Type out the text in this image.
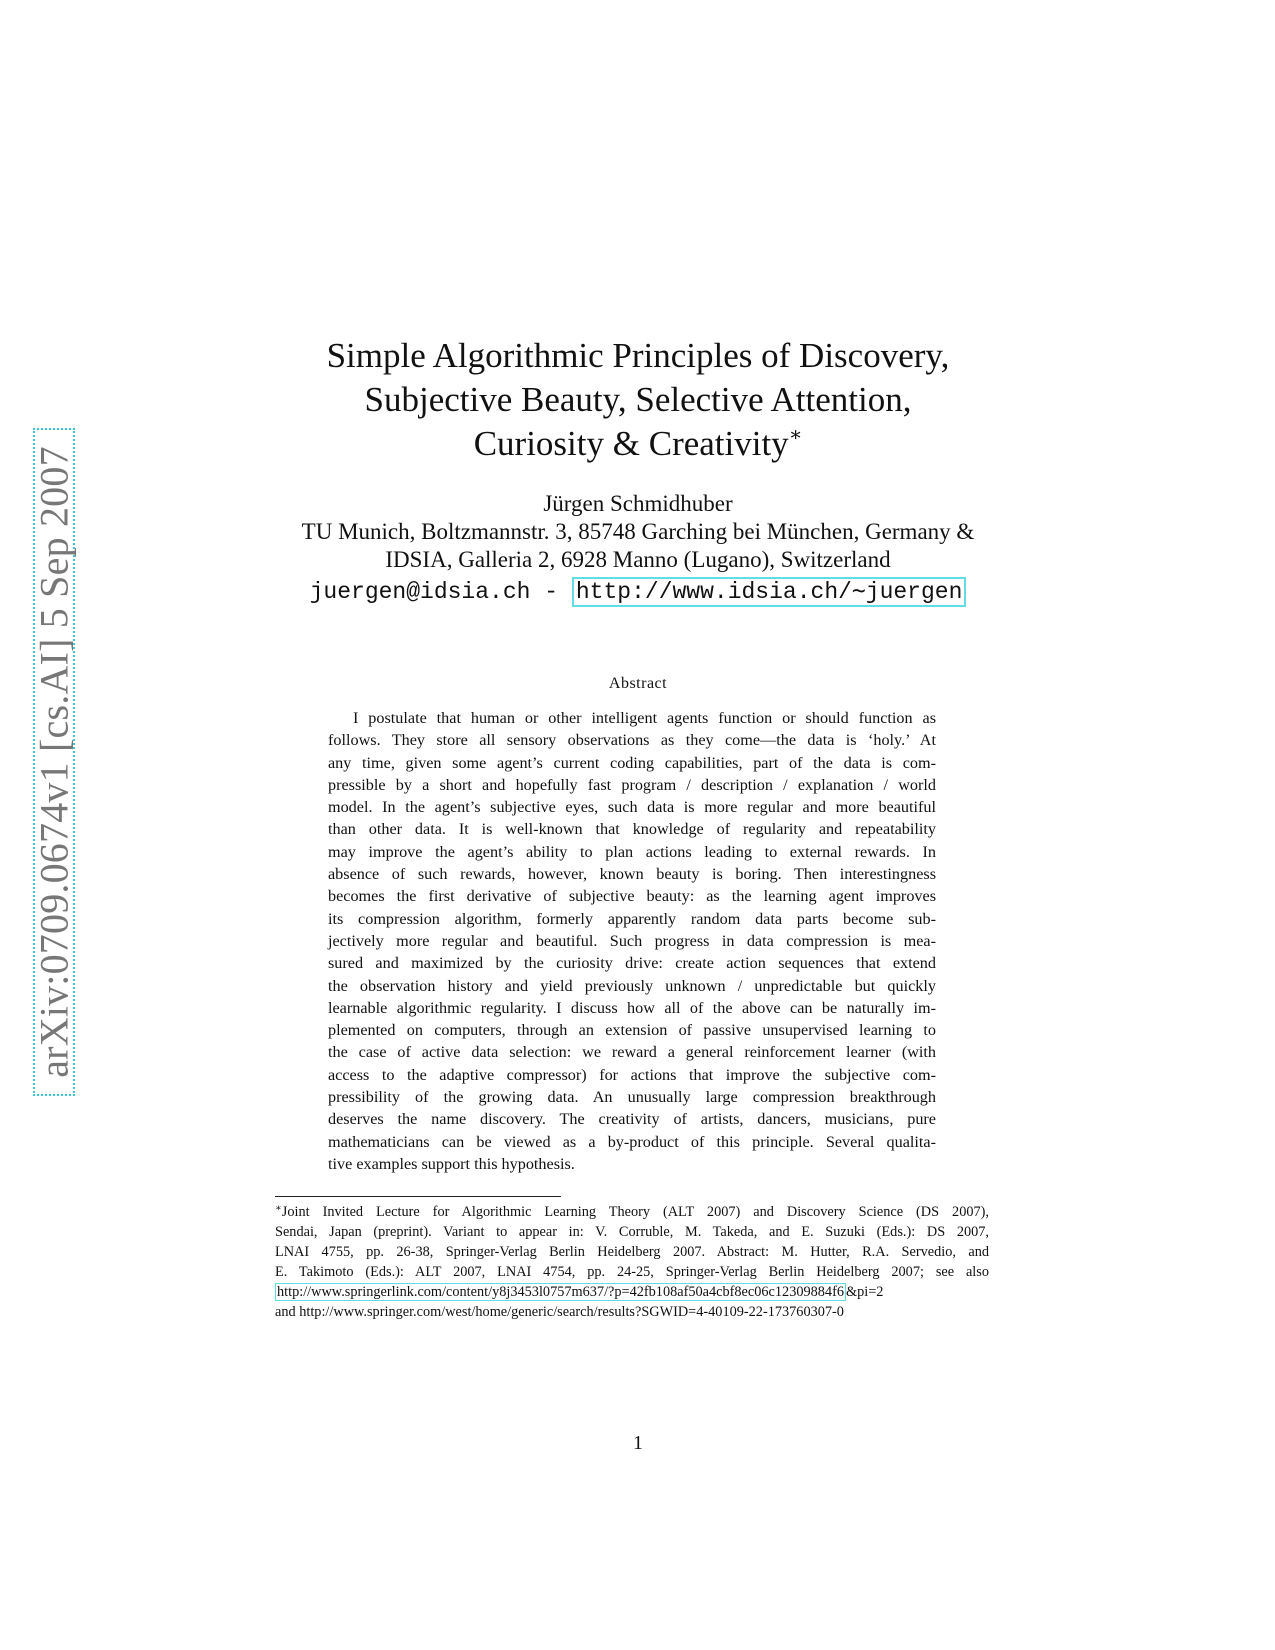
arXiv:0709.0674v1 [cs.AI] 5 Sep 2007
Simple Algorithmic Principles of Discovery,
Subjective Beauty, Selective Attention,
Curiosity & Creativity∗
Jürgen Schmidhuber
TU Munich, Boltzmannstr. 3, 85748 Garching bei München, Germany &
IDSIA, Galleria 2, 6928 Manno (Lugano), Switzerland
juergen@idsia.ch - http://www.idsia.ch/∼juergen
Abstract
I postulate that human or other intelligent agents function or should function as
follows. They store all sensory observations as they come—the data is ‘holy.’ At
any time, given some agent’s current coding capabilities, part of the data is com-
pressible by a short and hopefully fast program / description / explanation / world
model. In the agent’s subjective eyes, such data is more regular and more beautiful
than other data. It is well-known that knowledge of regularity and repeatability
may improve the agent’s ability to plan actions leading to external rewards. In
absence of such rewards, however, known beauty is boring. Then interestingness
becomes the first derivative of subjective beauty: as the learning agent improves
its compression algorithm, formerly apparently random data parts become sub-
jectively more regular and beautiful. Such progress in data compression is mea-
sured and maximized by the curiosity drive: create action sequences that extend
the observation history and yield previously unknown / unpredictable but quickly
learnable algorithmic regularity. I discuss how all of the above can be naturally im-
plemented on computers, through an extension of passive unsupervised learning to
the case of active data selection: we reward a general reinforcement learner (with
access to the adaptive compressor) for actions that improve the subjective com-
pressibility of the growing data. An unusually large compression breakthrough
deserves the name discovery. The creativity of artists, dancers, musicians, pure
mathematicians can be viewed as a by-product of this principle. Several qualita-
tive examples support this hypothesis.
∗Joint Invited Lecture for Algorithmic Learning Theory (ALT 2007) and Discovery Science (DS 2007),
Sendai, Japan (preprint). Variant to appear in: V. Corruble, M. Takeda, and E. Suzuki (Eds.): DS 2007,
LNAI 4755, pp. 26-38, Springer-Verlag Berlin Heidelberg 2007. Abstract: M. Hutter, R.A. Servedio, and
E. Takimoto (Eds.): ALT 2007, LNAI 4754, pp. 24-25, Springer-Verlag Berlin Heidelberg 2007; see also
http://www.springerlink.com/content/y8j3453l0757m637/?p=42fb108af50a4cbf8ec06c12309884f6 &pi=2
and http://www.springer.com/west/home/generic/search/results?SGWID=4-40109-22-173760307-0
1
